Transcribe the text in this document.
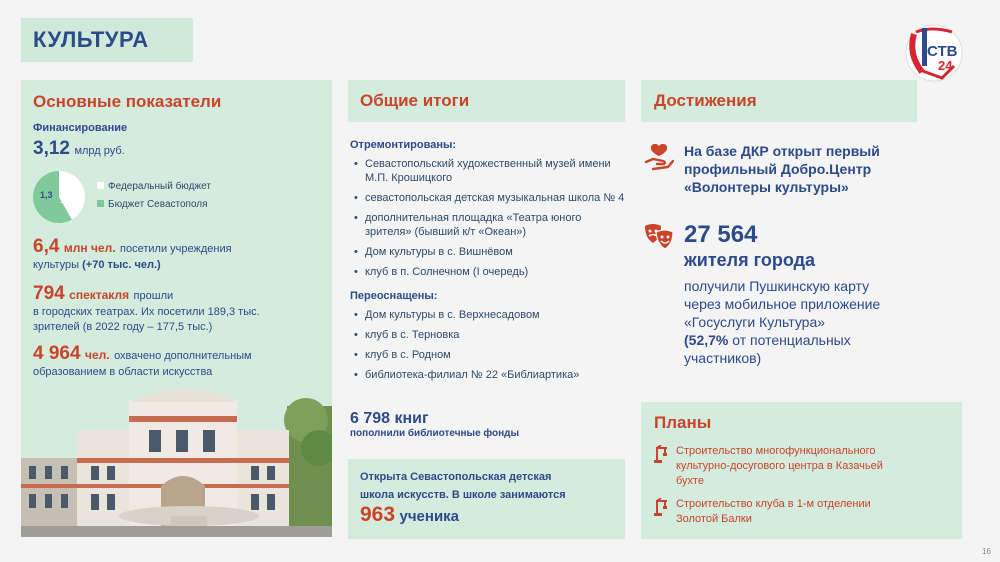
КУЛЬТУРА	СТВ
24
Основные показатели
Финансирование
3,12 млрд руб.
1,3 1,81
Федеральный бюджет
Бюджет Севастополя
6,4 млн чел. посетили учреждения
культуры (+70 тыс. чел.)
794 спектакля прошли
в городских театрах. Их посетили 189,3 тыс.
зрителей (в 2022 году – 177,5 тыс.)
4 964 чел. охвачено дополнительным
образованием в области искусства
Общие итоги
Отремонтированы:
• Севастопольский художественный музей имени М.П. Крошицкого
• севастопольская детская музыкальная школа № 4
• дополнительная площадка «Театра юного зрителя» (бывший к/т «Океан»)
• Дом культуры в с. Вишнёвом
• клуб в п. Солнечном (I очередь)
Переоснащены:
• Дом культуры в с. Верхнесадовом
• клуб в с. Терновка
• клуб в с. Родном
• библиотека-филиал № 22 «Библиартика»
6 798 книг
пополнили библиотечные фонды
Открыта Севастопольская детская
школа искусств. В школе занимаются
963 ученика
Достижения
На базе ДКР открыт первый
профильный Добро.Центр
«Волонтеры культуры»
27 564
жителя города
получили Пушкинскую карту
через мобильное приложение
«Госуслуги Культура»
(52,7% от потенциальных
участников)
Планы
Строительство многофункционального
культурно-досугового центра в Казачьей
бухте
Строительство клуба в 1-м отделении
Золотой Балки
16
